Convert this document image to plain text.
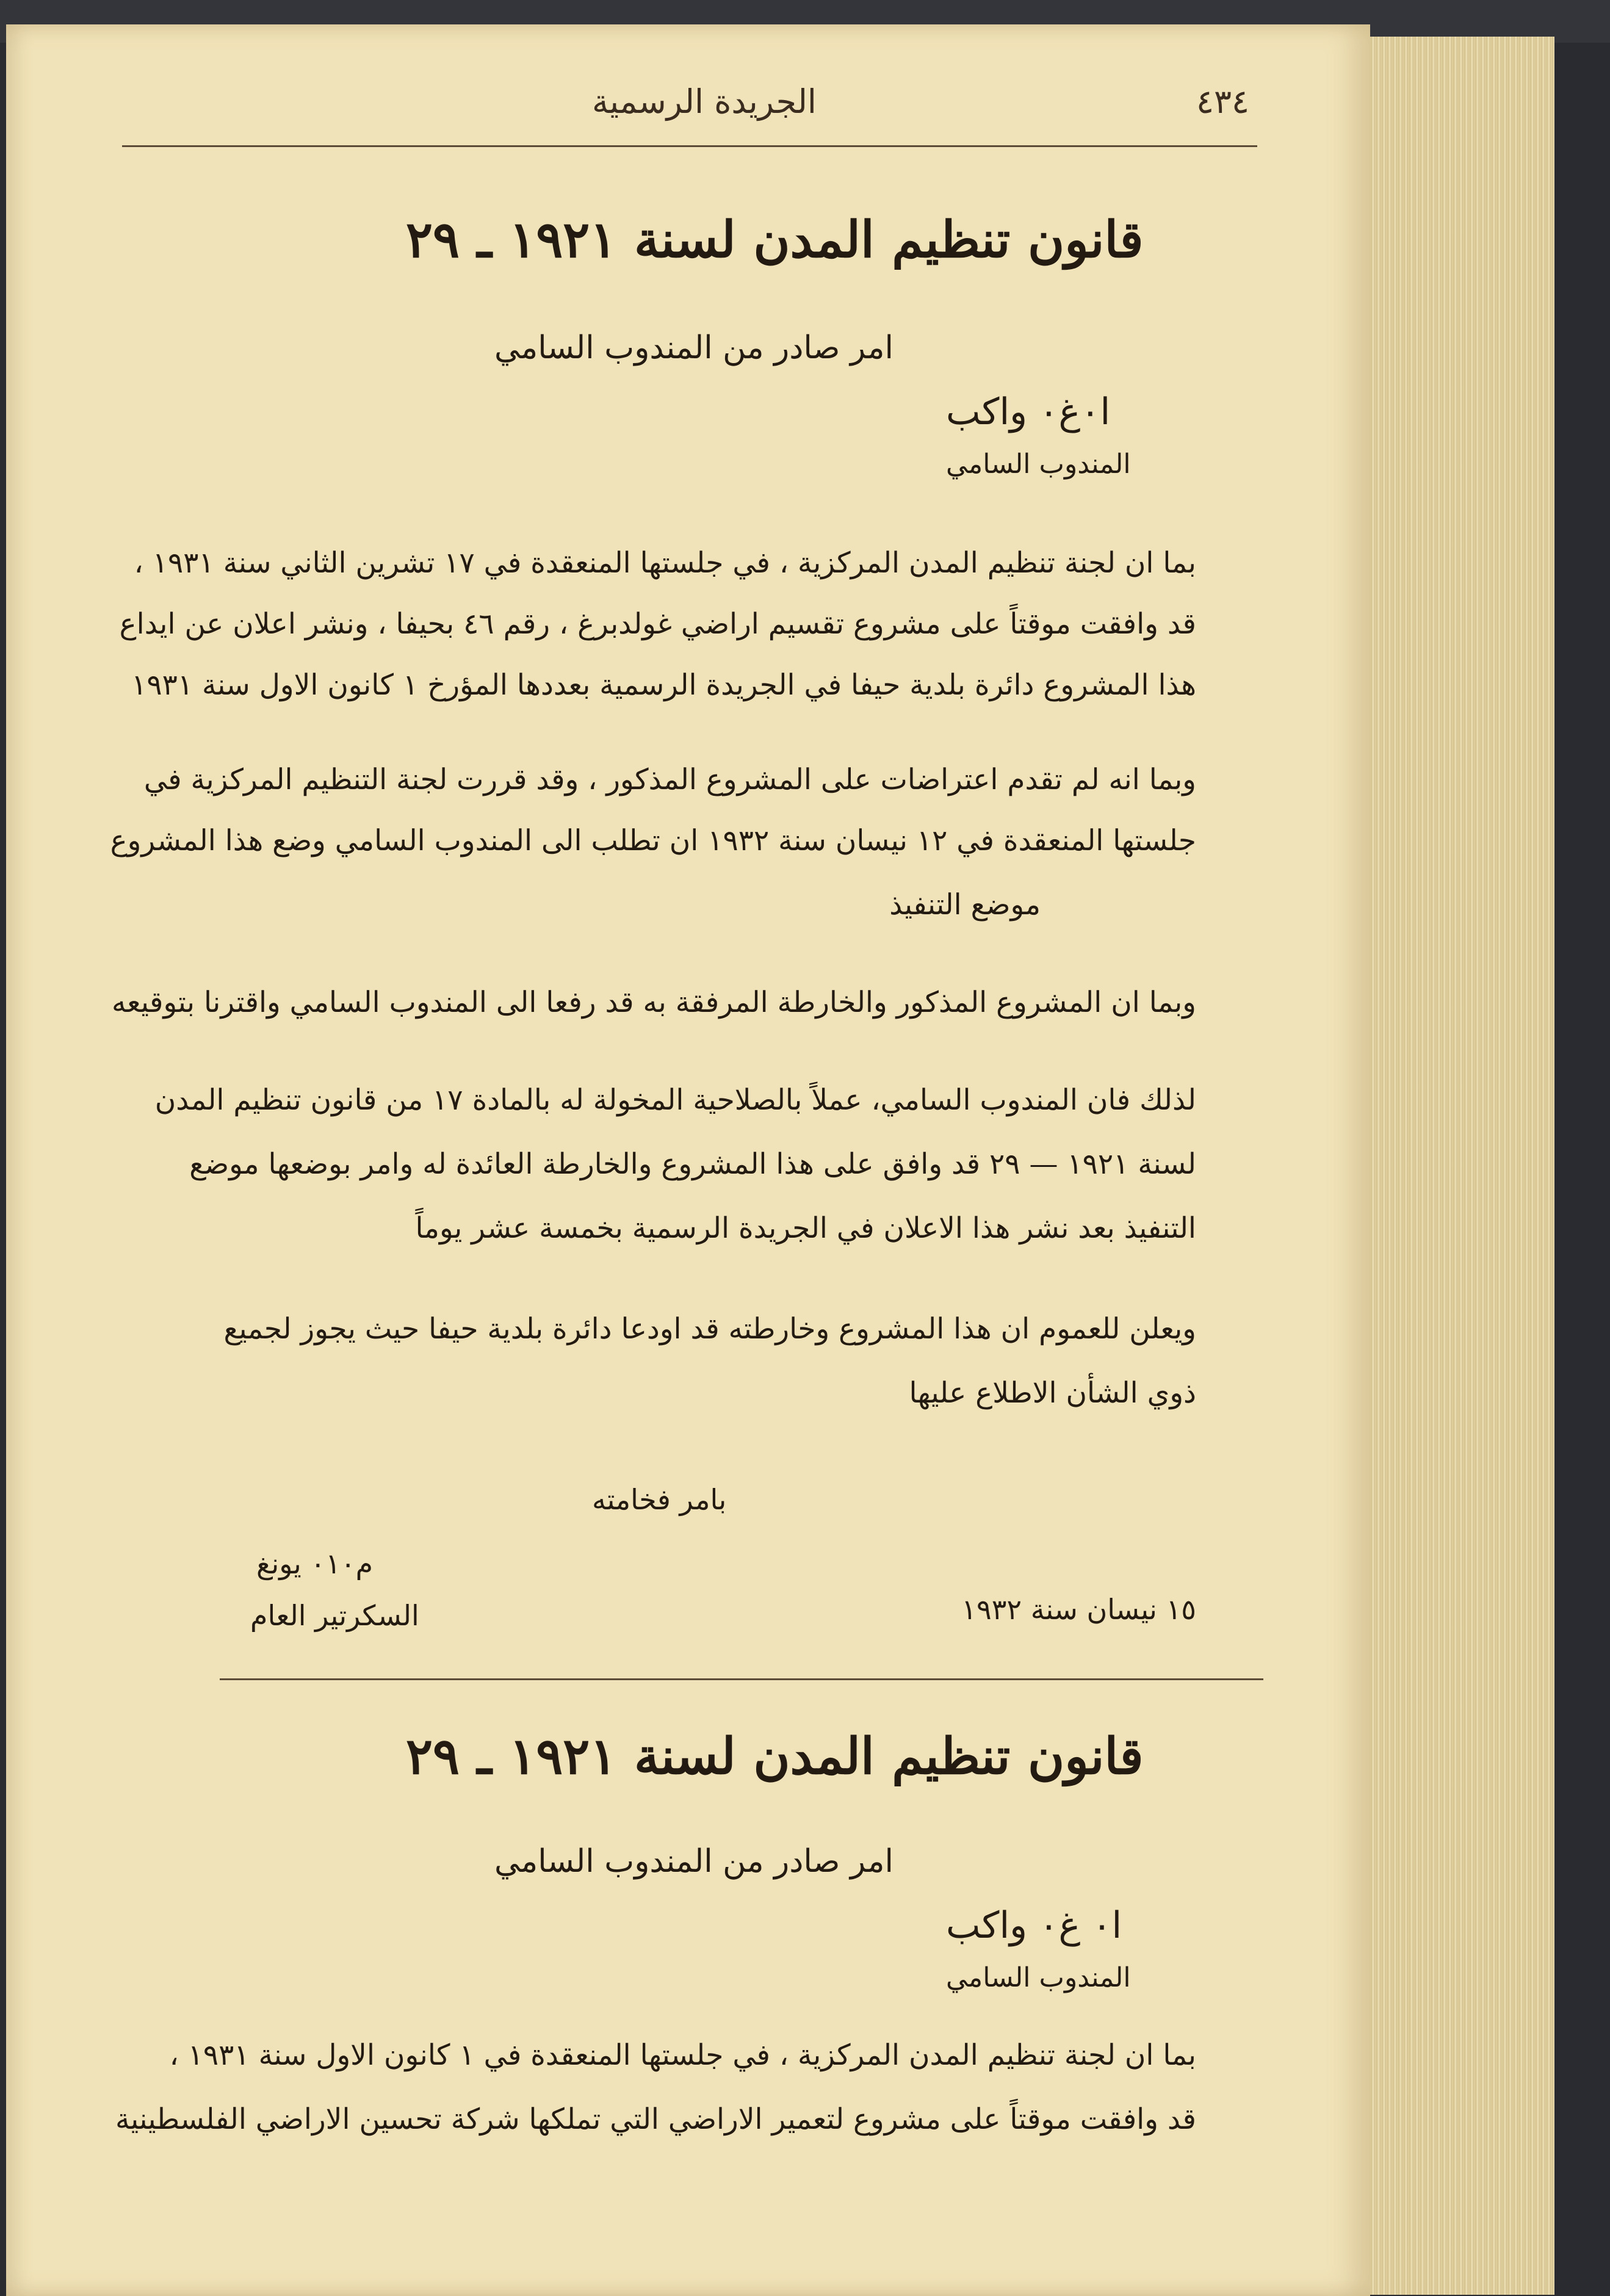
٤٣٤
الجريدة الرسمية
قانون تنظيم المدن لسنة ١٩٢١ ـ ٢٩
امر صادر من المندوب السامي
ا٠غ٠ واكب
المندوب السامي
بما ان لجنة تنظيم المدن المركزية ، في جلستها المنعقدة في ١٧ تشرين الثاني سنة ١٩٣١ ،
قد وافقت موقتاً على مشروع تقسيم اراضي غولدبرغ ، رقم ٤٦ بحيفا ، ونشر اعلان عن ايداع
هذا المشروع دائرة بلدية حيفا في الجريدة الرسمية بعددها المؤرخ ١ كانون الاول سنة ١٩٣١
وبما انه لم تقدم اعتراضات على المشروع المذكور ، وقد قررت لجنة التنظيم المركزية في
جلستها المنعقدة في ١٢ نيسان سنة ١٩٣٢ ان تطلب الى المندوب السامي وضع هذا المشروع
موضع التنفيذ
وبما ان المشروع المذكور والخارطة المرفقة به قد رفعا الى المندوب السامي واقترنا بتوقيعه
لذلك فان المندوب السامي، عملاً بالصلاحية المخولة له بالمادة ١٧ من قانون تنظيم المدن
لسنة ١٩٢١ — ٢٩ قد وافق على هذا المشروع والخارطة العائدة له وامر بوضعها موضع
التنفيذ بعد نشر هذا الاعلان في الجريدة الرسمية بخمسة عشر يوماً
ويعلن للعموم ان هذا المشروع وخارطته قد اودعا دائرة بلدية حيفا حيث يجوز لجميع
ذوي الشأن الاطلاع عليها
بامر فخامته
م٠١٠ يونغ
السكرتير العام	١٥ نيسان سنة ١٩٣٢
قانون تنظيم المدن لسنة ١٩٢١ ـ ٢٩
امر صادر من المندوب السامي
ا٠ غ٠ واكب
المندوب السامي
بما ان لجنة تنظيم المدن المركزية ، في جلستها المنعقدة في ١ كانون الاول سنة ١٩٣١ ،
قد وافقت موقتاً على مشروع لتعمير الاراضي التي تملكها شركة تحسين الاراضي الفلسطينية
